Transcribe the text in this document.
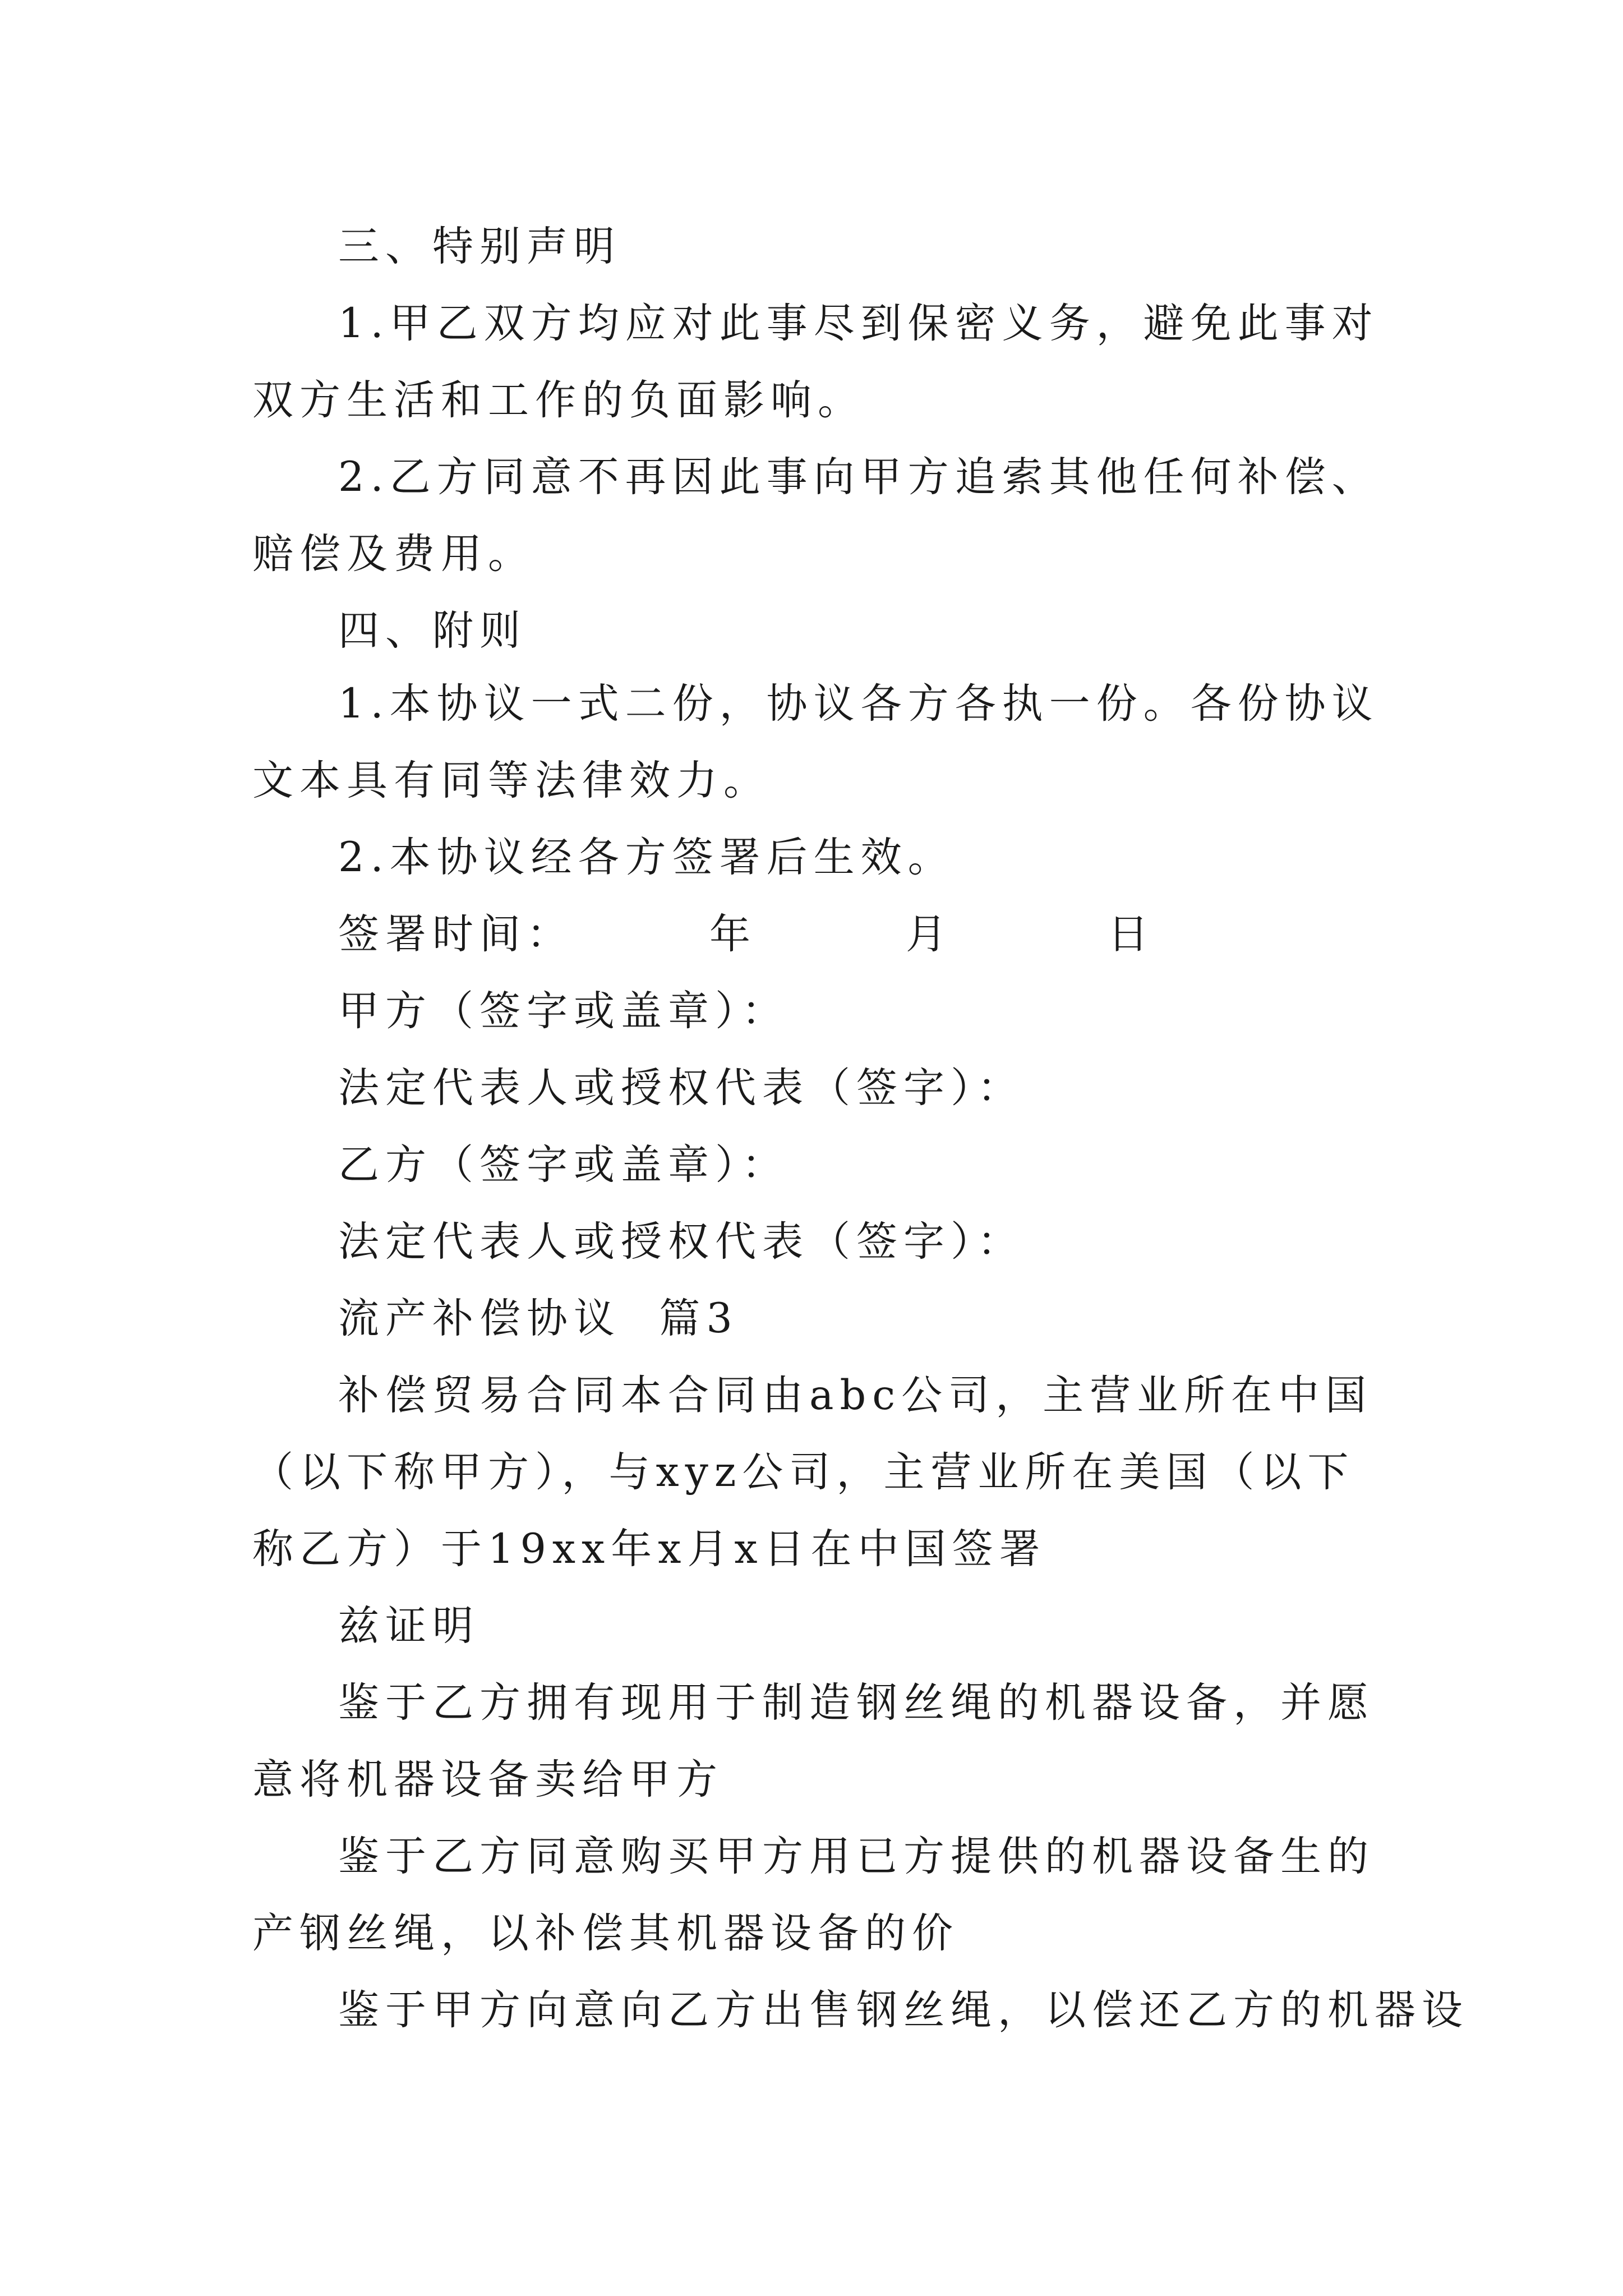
三、特别声明

1.甲乙双方均应对此事尽到保密义务，避免此事对双方生活和工作的负面影响。

2.乙方同意不再因此事向甲方追索其他任何补偿、赔偿及费用。

四、附则

1.本协议一式二份，协议各方各执一份。各份协议文本具有同等法律效力。

2.本协议经各方签署后生效。

签署时间：	年	月	日

甲方（签字或盖章）：

法定代表人或授权代表（签字）：

乙方（签字或盖章）：

法定代表人或授权代表（签字）：

流产补偿协议  篇3

补偿贸易合同本合同由abc公司，主营业所在中国（以下称甲方），与xyz公司，主营业所在美国（以下称乙方）于19xx年x月x日在中国签署

兹证明

鉴于乙方拥有现用于制造钢丝绳的机器设备，并愿意将机器设备卖给甲方

鉴于乙方同意购买甲方用已方提供的机器设备生的产钢丝绳，以补偿其机器设备的价

鉴于甲方向意向乙方出售钢丝绳，以偿还乙方的机器设
